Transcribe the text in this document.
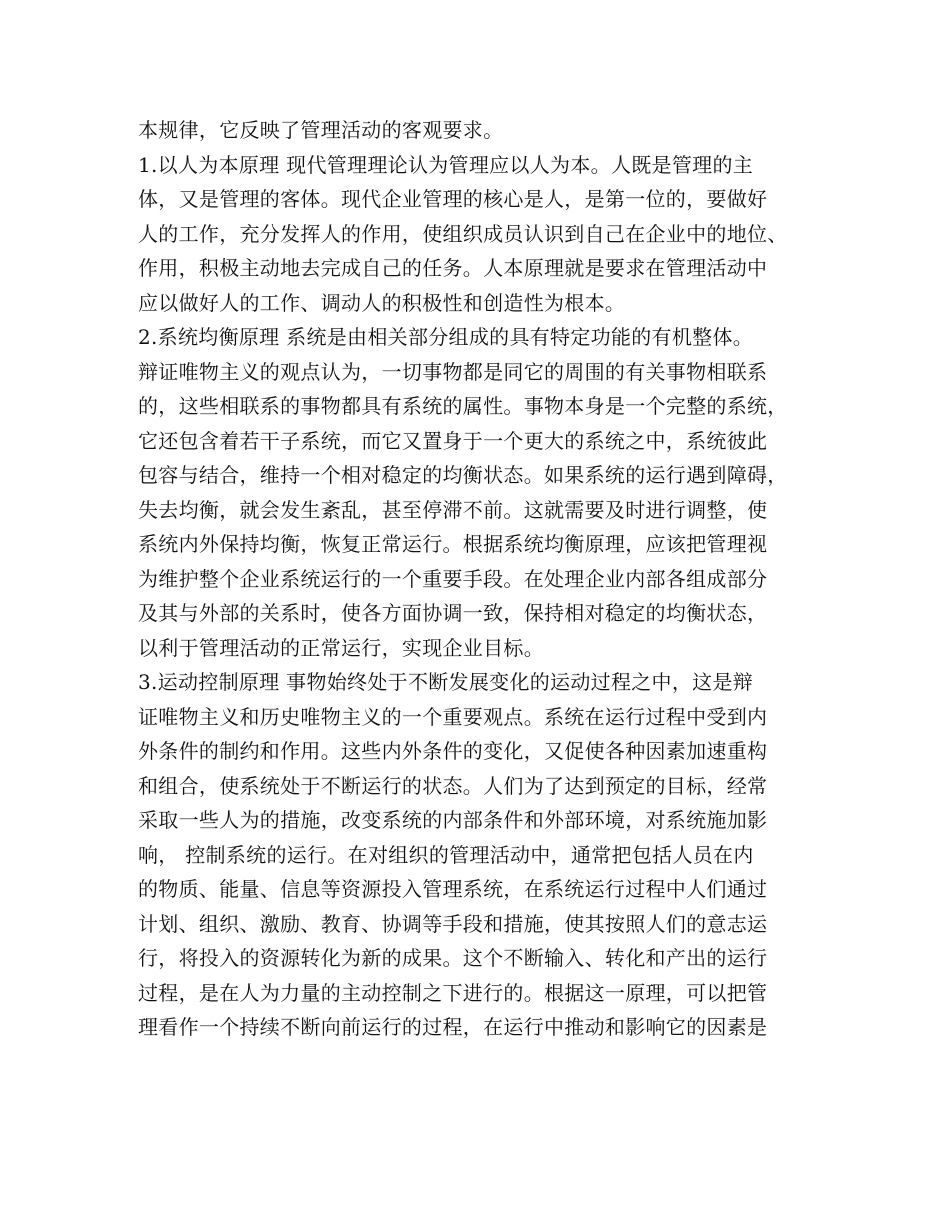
本规律，它反映了管理活动的客观要求。
1.以人为本原理 现代管理理论认为管理应以人为本。人既是管理的主
体，又是管理的客体。现代企业管理的核心是人，是第一位的，要做好
人的工作，充分发挥人的作用，使组织成员认识到自己在企业中的地位、
作用，积极主动地去完成自己的任务。人本原理就是要求在管理活动中
应以做好人的工作、调动人的积极性和创造性为根本。
2.系统均衡原理 系统是由相关部分组成的具有特定功能的有机整体。
辩证唯物主义的观点认为，一切事物都是同它的周围的有关事物相联系
的，这些相联系的事物都具有系统的属性。事物本身是一个完整的系统，
它还包含着若干子系统，而它又置身于一个更大的系统之中，系统彼此
包容与结合，维持一个相对稳定的均衡状态。如果系统的运行遇到障碍，
失去均衡，就会发生紊乱，甚至停滞不前。这就需要及时进行调整，使
系统内外保持均衡，恢复正常运行。根据系统均衡原理，应该把管理视
为维护整个企业系统运行的一个重要手段。在处理企业内部各组成部分
及其与外部的关系时，使各方面协调一致，保持相对稳定的均衡状态，
以利于管理活动的正常运行，实现企业目标。
3.运动控制原理 事物始终处于不断发展变化的运动过程之中，这是辩
证唯物主义和历史唯物主义的一个重要观点。系统在运行过程中受到内
外条件的制约和作用。这些内外条件的变化，又促使各种因素加速重构
和组合，使系统处于不断运行的状态。人们为了达到预定的目标，经常
采取一些人为的措施，改变系统的内部条件和外部环境，对系统施加影
响， 控制系统的运行。在对组织的管理活动中，通常把包括人员在内
的物质、能量、信息等资源投入管理系统，在系统运行过程中人们通过
计划、组织、激励、教育、协调等手段和措施，使其按照人们的意志运
行，将投入的资源转化为新的成果。这个不断输入、转化和产出的运行
过程，是在人为力量的主动控制之下进行的。根据这一原理，可以把管
理看作一个持续不断向前运行的过程，在运行中推动和影响它的因素是
